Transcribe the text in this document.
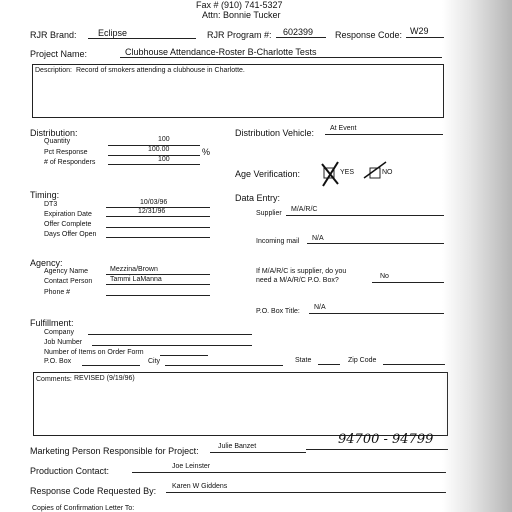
Fax # (910) 741-5327
Attn: Bonnie Tucker
RJR Brand: Eclipse	RJR Program #: 602399 Response Code: W29
Project Name:	Clubhouse Attendance-Roster B-Charlotte Tests
Description: Record of smokers attending a clubhouse in Charlotte.
Distribution:
Quantity	100
Pct Response	100.00	%
# of Responders	100
Distribution Vehicle: At Event
Age Verification:	YES	NO
Timing:
DT3	10/03/96
Expiration Date	12/31/96
Offer Complete
Days Offer Open
Data Entry:
Supplier
M/A/R/C
Incoming mail N/A
If M/A/R/C is supplier, do you
need a M/A/R/C P.O. Box?
No
P.O. Box Title:
N/A
Agency:
Agency Name	Mezzina/Brown
Contact Person	Tammi LaManna
Phone #
Fulfillment:
Company
Job Number
Number of Items on Order Form
P.O. Box	City	State	Zip Code
Comments: REVISED (9/19/96)
Marketing Person Responsible for Project:	Julie Banzet	94700 - 94799
Production Contact:	Joe Leinster
Response Code Requested By: Karen W Giddens
Copies of Confirmation Letter To:
